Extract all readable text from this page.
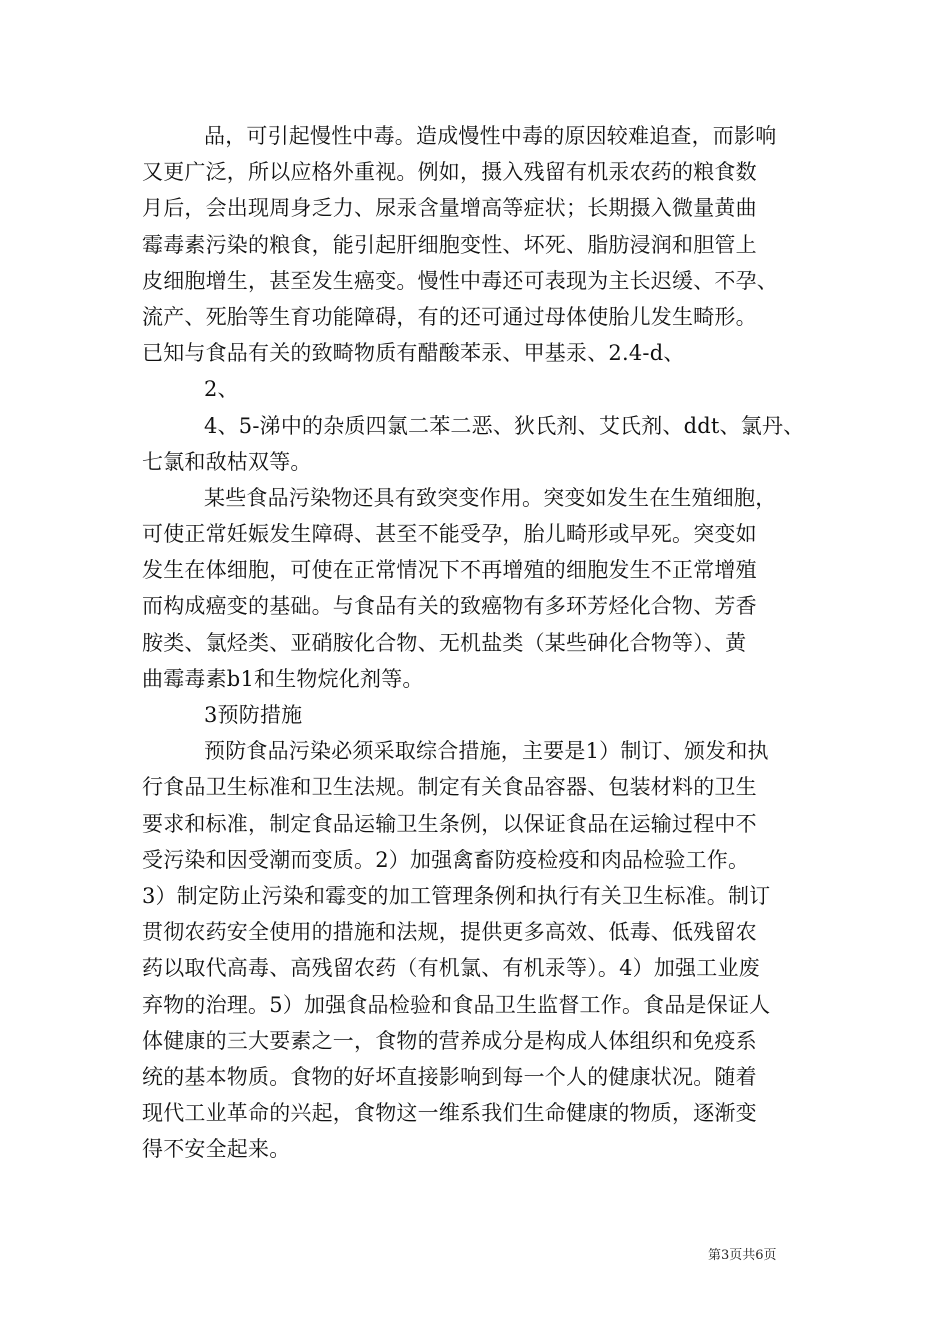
品，可引起慢性中毒。造成慢性中毒的原因较难追查，而影响
又更广泛，所以应格外重视。例如，摄入残留有机汞农药的粮食数
月后，会出现周身乏力、尿汞含量增高等症状；长期摄入微量黄曲
霉毒素污染的粮食，能引起肝细胞变性、坏死、脂肪浸润和胆管上
皮细胞增生，甚至发生癌变。慢性中毒还可表现为主长迟缓、不孕、
流产、死胎等生育功能障碍，有的还可通过母体使胎儿发生畸形。
已知与食品有关的致畸物质有醋酸苯汞、甲基汞、2.4-d、
2、
4、5-涕中的杂质四氯二苯二恶、狄氏剂、艾氏剂、ddt、氯丹、
七氯和敌枯双等。
某些食品污染物还具有致突变作用。突变如发生在生殖细胞，
可使正常妊娠发生障碍、甚至不能受孕，胎儿畸形或早死。突变如
发生在体细胞，可使在正常情况下不再增殖的细胞发生不正常增殖
而构成癌变的基础。与食品有关的致癌物有多环芳烃化合物、芳香
胺类、氯烃类、亚硝胺化合物、无机盐类（某些砷化合物等）、黄
曲霉毒素b1和生物烷化剂等。
3预防措施
预防食品污染必须采取综合措施，主要是1）制订、颁发和执
行食品卫生标准和卫生法规。制定有关食品容器、包装材料的卫生
要求和标准，制定食品运输卫生条例，以保证食品在运输过程中不
受污染和因受潮而变质。2）加强禽畜防疫检疫和肉品检验工作。
3）制定防止污染和霉变的加工管理条例和执行有关卫生标准。制订
贯彻农药安全使用的措施和法规，提供更多高效、低毒、低残留农
药以取代高毒、高残留农药（有机氯、有机汞等）。4）加强工业废
弃物的治理。5）加强食品检验和食品卫生监督工作。食品是保证人
体健康的三大要素之一，食物的营养成分是构成人体组织和免疫系
统的基本物质。食物的好坏直接影响到每一个人的健康状况。随着
现代工业革命的兴起，食物这一维系我们生命健康的物质，逐渐变
得不安全起来。
第3页共6页
